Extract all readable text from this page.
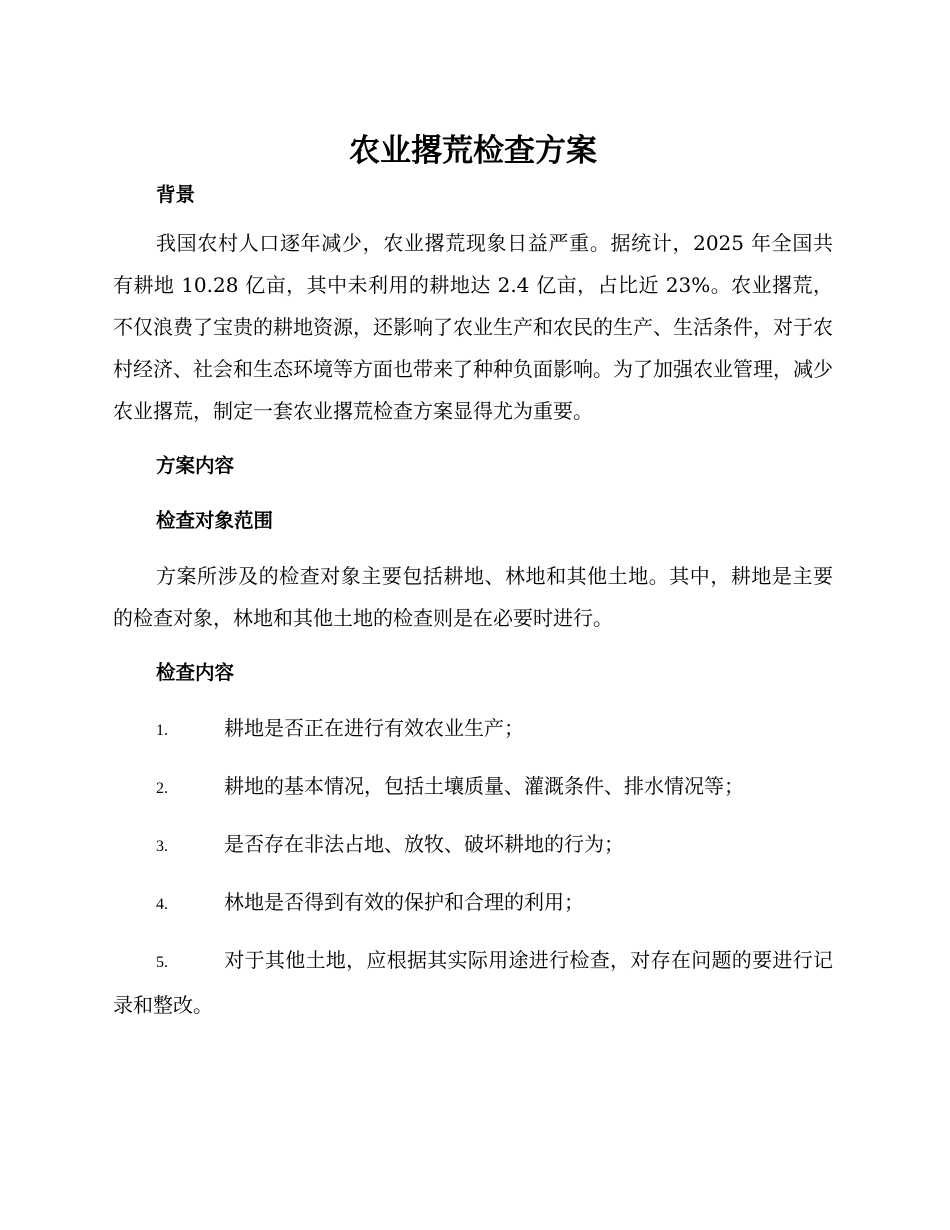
农业撂荒检查方案

背景

我国农村人口逐年减少，农业撂荒现象日益严重。据统计，2025 年全国共有耕地 10.28 亿亩，其中未利用的耕地达 2.4 亿亩，占比近 23%。农业撂荒，不仅浪费了宝贵的耕地资源，还影响了农业生产和农民的生产、生活条件，对于农村经济、社会和生态环境等方面也带来了种种负面影响。为了加强农业管理，减少农业撂荒，制定一套农业撂荒检查方案显得尤为重要。

方案内容

检查对象范围

方案所涉及的检查对象主要包括耕地、林地和其他土地。其中，耕地是主要的检查对象，林地和其他土地的检查则是在必要时进行。

检查内容

1.	耕地是否正在进行有效农业生产；

2.	耕地的基本情况，包括土壤质量、灌溉条件、排水情况等；

3.	是否存在非法占地、放牧、破坏耕地的行为；

4.	林地是否得到有效的保护和合理的利用；

5.	对于其他土地，应根据其实际用途进行检查，对存在问题的要进行记录和整改。
